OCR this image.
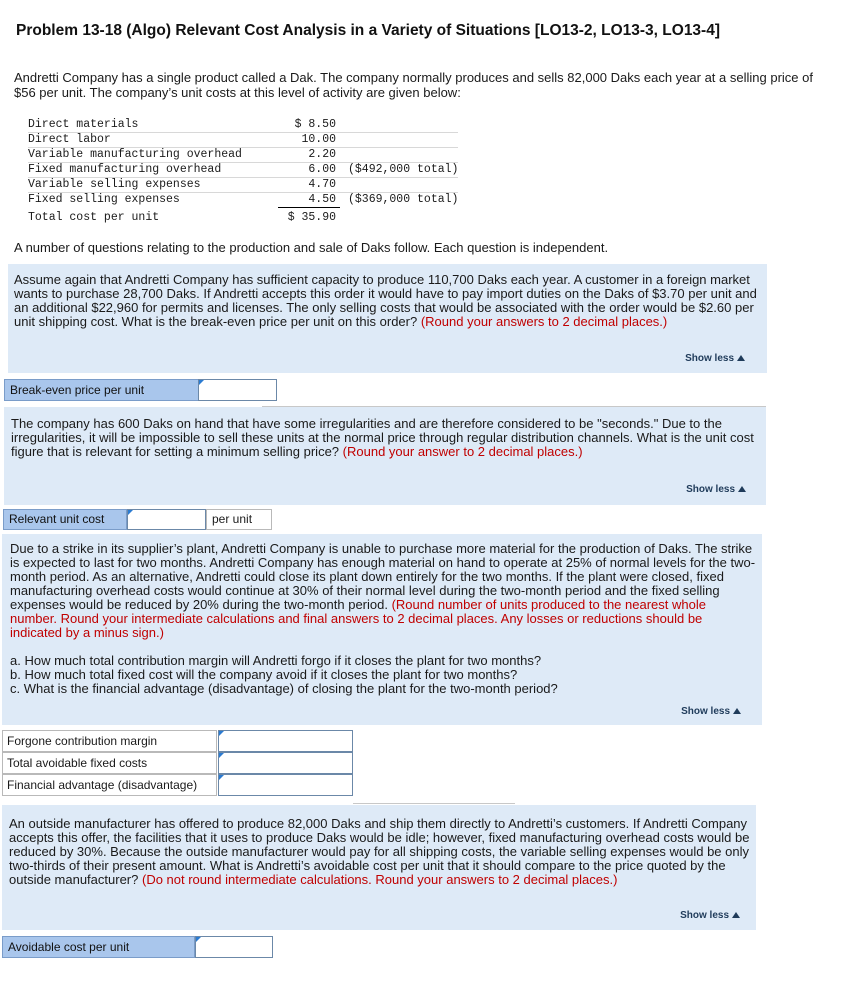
Problem 13-18 (Algo) Relevant Cost Analysis in a Variety of Situations [LO13-2, LO13-3, LO13-4]
Andretti Company has a single product called a Dak. The company normally produces and sells 82,000 Daks each year at a selling price of $56 per unit. The company’s unit costs at this level of activity are given below:
Direct materials	$ 8.50	
Direct labor	10.00	
Variable manufacturing overhead	2.20	
Fixed manufacturing overhead	6.00	($492,000 total)
Variable selling expenses	4.70	
Fixed selling expenses	4.50	($369,000 total)
Total cost per unit	$ 35.90	
A number of questions relating to the production and sale of Daks follow. Each question is independent.
Assume again that Andretti Company has sufficient capacity to produce 110,700 Daks each year. A customer in a foreign market wants to purchase 28,700 Daks. If Andretti accepts this order it would have to pay import duties on the Daks of $3.70 per unit and an additional $22,960 for permits and licenses. The only selling costs that would be associated with the order would be $2.60 per unit shipping cost. What is the break-even price per unit on this order? (Round your answers to 2 decimal places.)
Show less
Break-even price per unit
The company has 600 Daks on hand that have some irregularities and are therefore considered to be "seconds." Due to the irregularities, it will be impossible to sell these units at the normal price through regular distribution channels. What is the unit cost figure that is relevant for setting a minimum selling price? (Round your answer to 2 decimal places.)
Show less
Relevant unit cost	per unit
Due to a strike in its supplier’s plant, Andretti Company is unable to purchase more material for the production of Daks. The strike is expected to last for two months. Andretti Company has enough material on hand to operate at 25% of normal levels for the two-month period. As an alternative, Andretti could close its plant down entirely for the two months. If the plant were closed, fixed manufacturing overhead costs would continue at 30% of their normal level during the two-month period and the fixed selling expenses would be reduced by 20% during the two-month period. (Round number of units produced to the nearest whole number. Round your intermediate calculations and final answers to 2 decimal places. Any losses or reductions should be indicated by a minus sign.)
a. How much total contribution margin will Andretti forgo if it closes the plant for two months?
b. How much total fixed cost will the company avoid if it closes the plant for two months?
c. What is the financial advantage (disadvantage) of closing the plant for the two-month period?
Show less
Forgone contribution margin
Total avoidable fixed costs
Financial advantage (disadvantage)
An outside manufacturer has offered to produce 82,000 Daks and ship them directly to Andretti’s customers. If Andretti Company accepts this offer, the facilities that it uses to produce Daks would be idle; however, fixed manufacturing overhead costs would be reduced by 30%. Because the outside manufacturer would pay for all shipping costs, the variable selling expenses would be only two-thirds of their present amount. What is Andretti’s avoidable cost per unit that it should compare to the price quoted by the outside manufacturer? (Do not round intermediate calculations. Round your answers to 2 decimal places.)
Show less
Avoidable cost per unit
